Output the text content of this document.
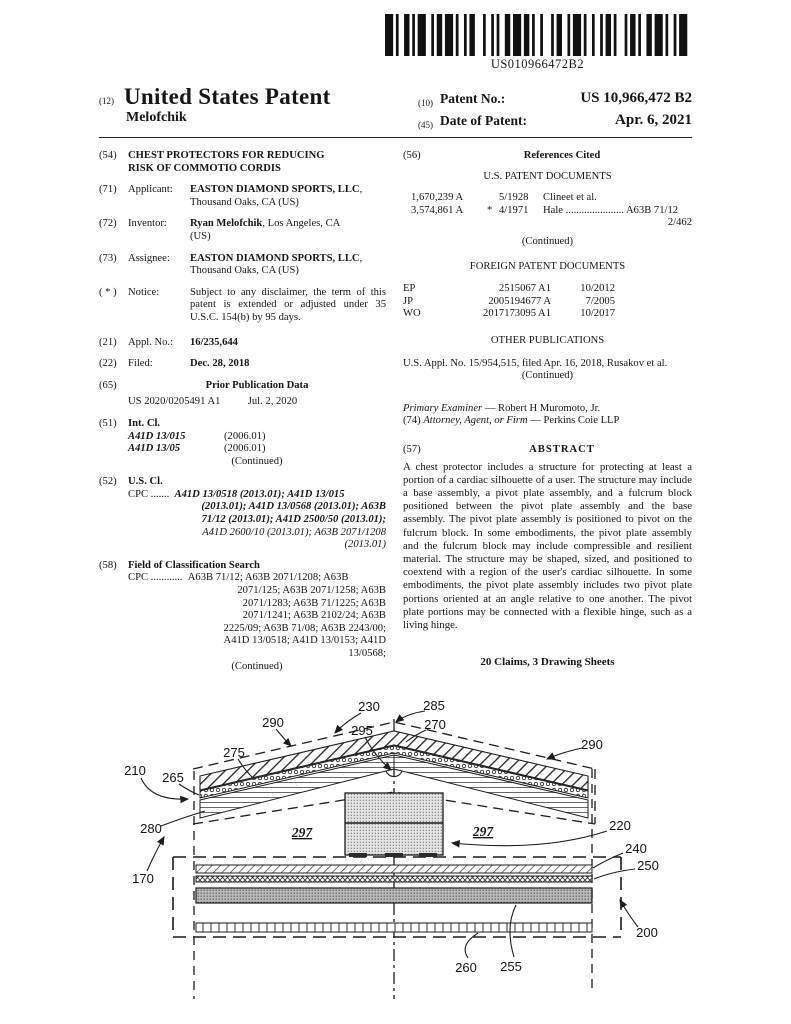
US010966472B2
(12) United States Patent
Melofchik
(10) Patent No.:	US 10,966,472 B2
(45) Date of Patent:	Apr. 6, 2021
(54)	CHEST PROTECTORS FOR REDUCING
RISK OF COMMOTIO CORDIS
(71)	Applicant:	EASTON DIAMOND SPORTS, LLC,
Thousand Oaks, CA (US)
(72)	Inventor:	Ryan Melofchik, Los Angeles, CA
(US)
(73)	Assignee:	EASTON DIAMOND SPORTS, LLC,
Thousand Oaks, CA (US)
( * )	Notice:	Subject to any disclaimer, the term of this patent is extended or adjusted under 35 U.S.C. 154(b) by 95 days.
(21)	Appl. No.:	16/235,644
(22)	Filed:	Dec. 28, 2018
(65)	Prior Publication Data
US 2020/0205491 A1	Jul. 2, 2020
(51)	Int. Cl.
A41D 13/015	(2006.01)
A41D 13/05	(2006.01)
(Continued)
(52)	U.S. Cl.
CPC ....... A41D 13/0518 (2013.01); A41D 13/015
(2013.01); A41D 13/0568 (2013.01); A63B
71/12 (2013.01); A41D 2500/50 (2013.01);
A41D 2600/10 (2013.01); A63B 2071/1208
(2013.01)
(58)	Field of Classification Search
CPC ............ A63B 71/12; A63B 2071/1208; A63B
2071/125; A63B 2071/1258; A63B
2071/1283; A63B 71/1225; A63B
2071/1241; A63B 2102/24; A63B
2225/09; A63B 71/08; A63B 2243/00;
A41D 13/0518; A41D 13/0153; A41D
13/0568;
(Continued)
(56)	References Cited
U.S. PATENT DOCUMENTS
1,670,239 A	5/1928	Clineet et al.
3,574,861 A	* 4/1971	Hale ...................... A63B 71/12
2/462
(Continued)
FOREIGN PATENT DOCUMENTS
EP	2515067 A1	10/2012
JP	2005194677 A	7/2005
WO	2017173095 A1	10/2017
OTHER PUBLICATIONS
U.S. Appl. No. 15/954,515, filed Apr. 16, 2018, Rusakov et al.
(Continued)
Primary Examiner — Robert H Muromoto, Jr.
(74) Attorney, Agent, or Firm — Perkins Coie LLP
(57)	ABSTRACT
A chest protector includes a structure for protecting at least a portion of a cardiac silhouette of a user. The structure may include a base assembly, a pivot plate assembly, and a fulcrum block positioned between the pivot plate assembly and the base assembly. The pivot plate assembly is positioned to pivot on the fulcrum block. In some embodiments, the pivot plate assembly and the fulcrum block may include compressible and resilient material. The structure may be shaped, sized, and positioned to coextend with a region of the user's cardiac silhouette. In some embodiments, the pivot plate assembly includes two pivot plate portions oriented at an angle relative to one another. The pivot plate portions may be connected with a flexible hinge, such as a living hinge.
20 Claims, 3 Drawing Sheets
210 265
275
290
230
295
285
270
290
280	297	297	220
240
250
170
200
260 255
